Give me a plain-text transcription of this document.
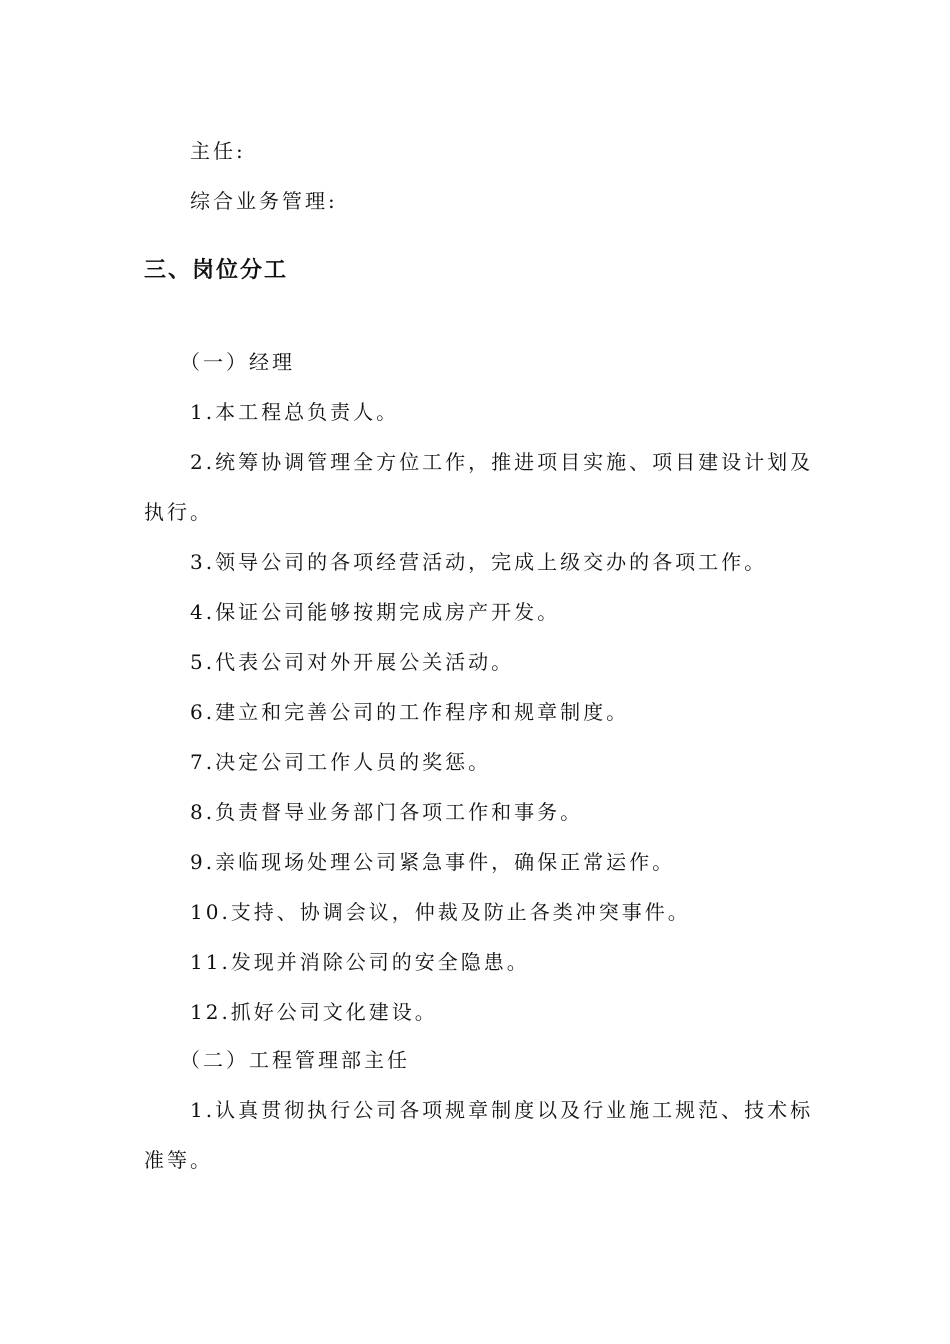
主任:
综合业务管理:
三、岗位分工
（一）经理
1.本工程总负责人。
2.统筹协调管理全方位工作，推进项目实施、项目建设计划及
执行。
3.领导公司的各项经营活动，完成上级交办的各项工作。
4.保证公司能够按期完成房产开发。
5.代表公司对外开展公关活动。
6.建立和完善公司的工作程序和规章制度。
7.决定公司工作人员的奖惩。
8.负责督导业务部门各项工作和事务。
9.亲临现场处理公司紧急事件，确保正常运作。
10.支持、协调会议，仲裁及防止各类冲突事件。
11.发现并消除公司的安全隐患。
12.抓好公司文化建设。
（二）工程管理部主任
1.认真贯彻执行公司各项规章制度以及行业施工规范、技术标
准等。
